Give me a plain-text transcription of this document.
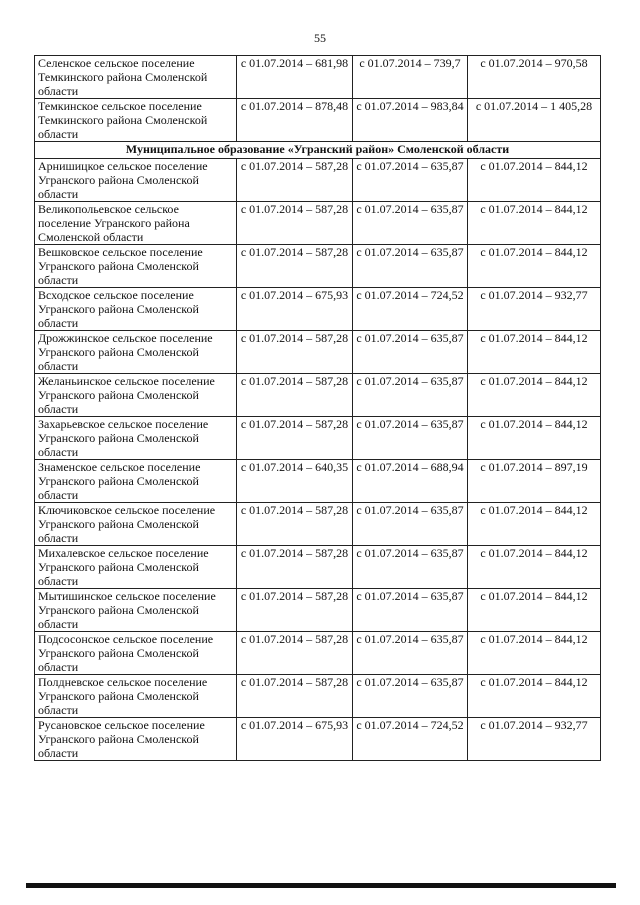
55
Селенское сельское поселение Темкинского района Смоленской области	с 01.07.2014 – 681,98	с 01.07.2014 – 739,7	с 01.07.2014 – 970,58
Темкинское сельское поселение Темкинского района Смоленской области	с 01.07.2014 – 878,48	с 01.07.2014 – 983,84	с 01.07.2014 – 1 405,28
Муниципальное образование «Угранский район» Смоленской области			
Арнишицкое сельское поселение Угранского района Смоленской области	с 01.07.2014 – 587,28	с 01.07.2014 – 635,87	с 01.07.2014 – 844,12
Великопольевское сельское поселение Угранского района Смоленской области	с 01.07.2014 – 587,28	с 01.07.2014 – 635,87	с 01.07.2014 – 844,12
Вешковское сельское поселение Угранского района Смоленской области	с 01.07.2014 – 587,28	с 01.07.2014 – 635,87	с 01.07.2014 – 844,12
Всходское сельское поселение Угранского района Смоленской области	с 01.07.2014 – 675,93	с 01.07.2014 – 724,52	с 01.07.2014 – 932,77
Дрожжинское сельское поселение Угранского района Смоленской области	с 01.07.2014 – 587,28	с 01.07.2014 – 635,87	с 01.07.2014 – 844,12
Желаньинское сельское поселение Угранского района Смоленской области	с 01.07.2014 – 587,28	с 01.07.2014 – 635,87	с 01.07.2014 – 844,12
Захарьевское сельское поселение Угранского района Смоленской области	с 01.07.2014 – 587,28	с 01.07.2014 – 635,87	с 01.07.2014 – 844,12
Знаменское сельское поселение Угранского района Смоленской области	с 01.07.2014 – 640,35	с 01.07.2014 – 688,94	с 01.07.2014 – 897,19
Ключиковское сельское поселение Угранского района Смоленской области	с 01.07.2014 – 587,28	с 01.07.2014 – 635,87	с 01.07.2014 – 844,12
Михалевское сельское поселение Угранского района Смоленской области	с 01.07.2014 – 587,28	с 01.07.2014 – 635,87	с 01.07.2014 – 844,12
Мытишинское сельское поселение Угранского района Смоленской области	с 01.07.2014 – 587,28	с 01.07.2014 – 635,87	с 01.07.2014 – 844,12
Подсосонское сельское поселение Угранского района Смоленской области	с 01.07.2014 – 587,28	с 01.07.2014 – 635,87	с 01.07.2014 – 844,12
Полдневское сельское поселение Угранского района Смоленской области	с 01.07.2014 – 587,28	с 01.07.2014 – 635,87	с 01.07.2014 – 844,12
Русановское сельское поселение Угранского района Смоленской области	с 01.07.2014 – 675,93	с 01.07.2014 – 724,52	с 01.07.2014 – 932,77
